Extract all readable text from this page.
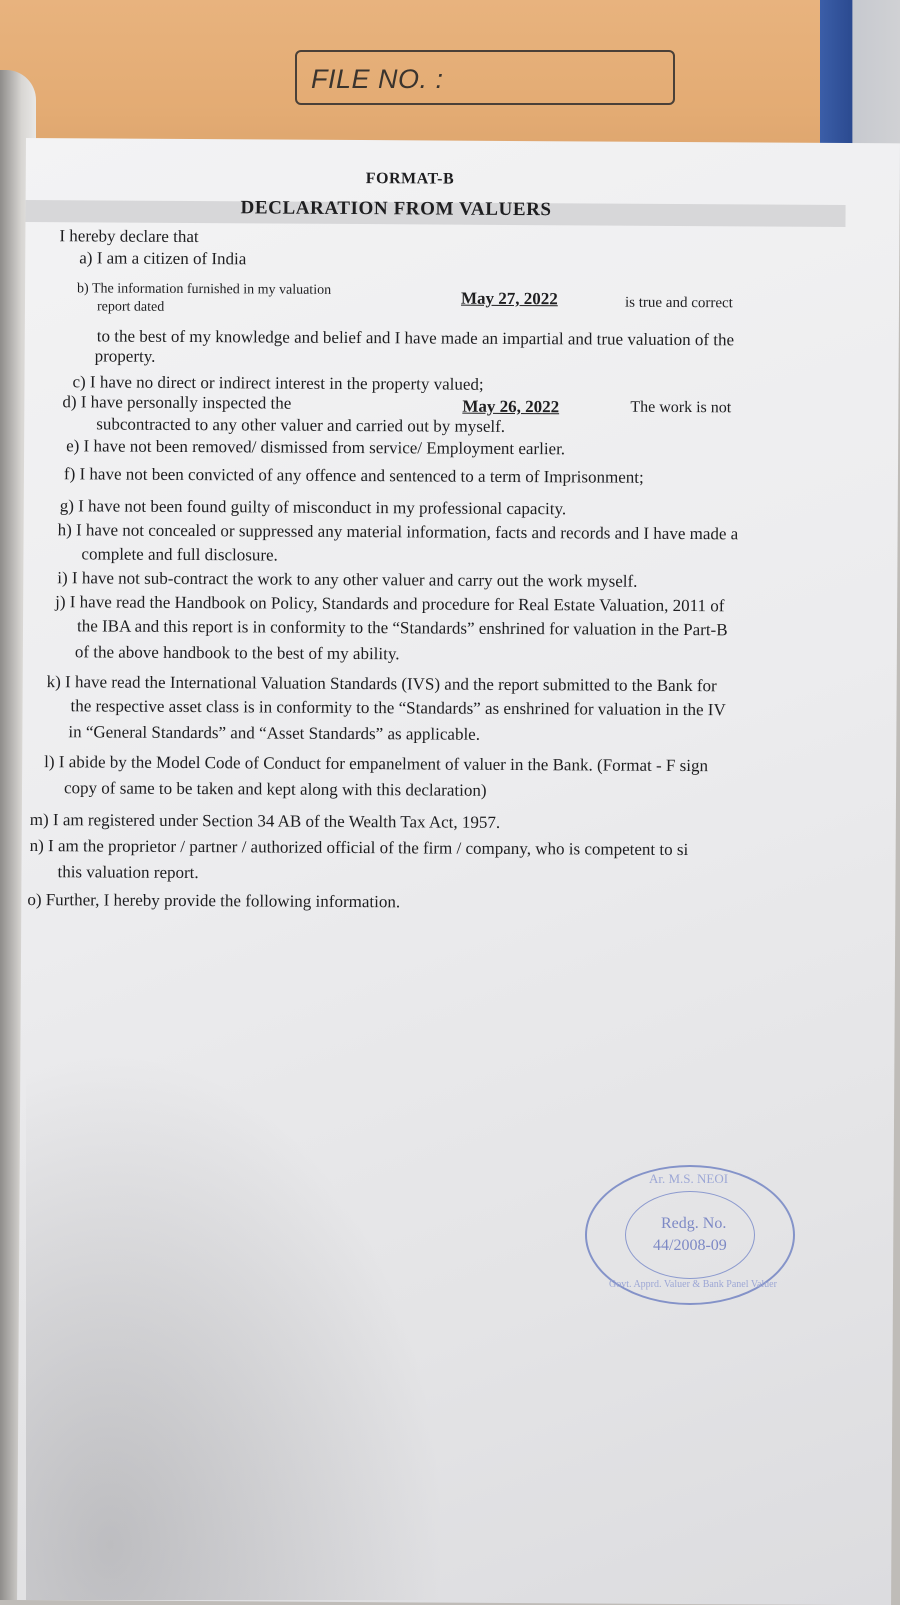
FILE NO. :
FORMAT-B
DECLARATION FROM VALUERS
I hereby declare that
a) I am a citizen of India
b) The information furnished in my valuation
report dated	May 27, 2022	is true and correct
to the best of my knowledge and belief and I have made an impartial and true valuation of the
property.
c) I have no direct or indirect interest in the property valued;
d) I have personally inspected the	May 26, 2022	The work is not
subcontracted to any other valuer and carried out by myself.
e) I have not been removed/ dismissed from service/ Employment earlier.
f) I have not been convicted of any offence and sentenced to a term of Imprisonment;
g) I have not been found guilty of misconduct in my professional capacity.
h) I have not concealed or suppressed any material information, facts and records and I have made a
complete and full disclosure.
i) I have not sub-contract the work to any other valuer and carry out the work myself.
j) I have read the Handbook on Policy, Standards and procedure for Real Estate Valuation, 2011 of
the IBA and this report is in conformity to the “Standards” enshrined for valuation in the Part-B
of the above handbook to the best of my ability.
k) I have read the International Valuation Standards (IVS) and the report submitted to the Bank for
the respective asset class is in conformity to the “Standards” as enshrined for valuation in the IV
in “General Standards” and “Asset Standards” as applicable.
l) I abide by the Model Code of Conduct for empanelment of valuer in the Bank. (Format - F sign
copy of same to be taken and kept along with this declaration)
m) I am registered under Section 34 AB of the Wealth Tax Act, 1957.
n) I am the proprietor / partner / authorized official of the firm / company, who is competent to si
this valuation report.
o) Further, I hereby provide the following information.
Ar. M.S. NEOI
Redg. No.
44/2008-09
Govt. Apprd. Valuer & Bank Panel Valuer
